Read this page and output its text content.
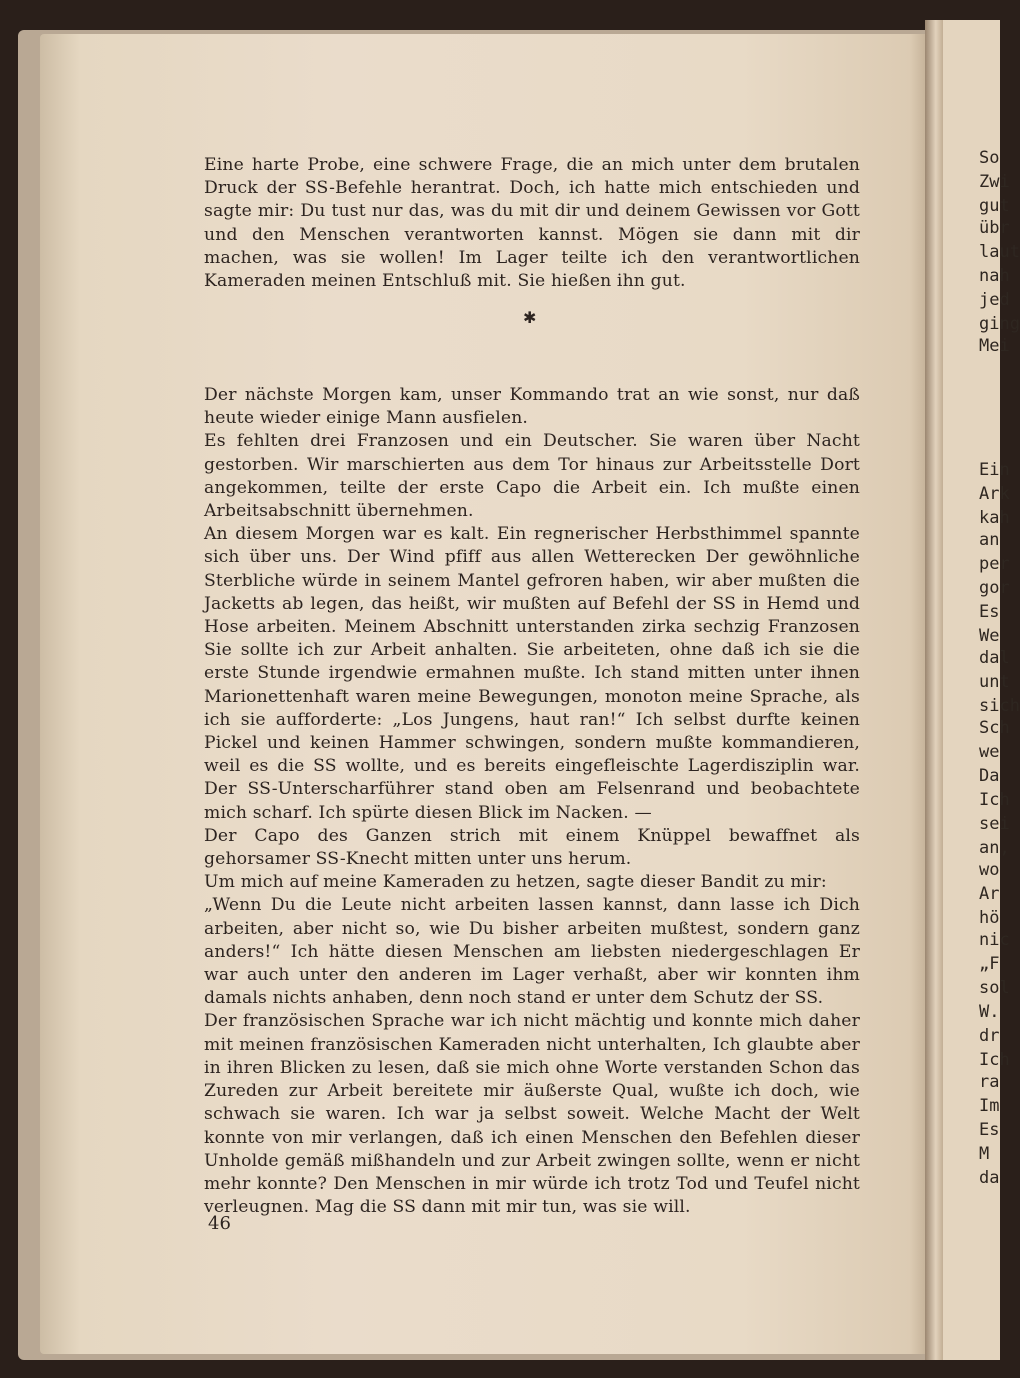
So
Zwi
gut
übr
laut
nah
jed
ging
Mei
Ein
Ark
kah
an
per
gor
Es
We
dal
unt
sich
Sch
we
Da
Ich
sei
an,
wo
Ar
hö
nic
„F
sol
W.
dr
Ich
ra
Im
Es
M
da

Eine harte Probe, eine schwere Frage, die an mich unter dem brutalen Druck der SS-Befehle herantrat. Doch, ich hatte mich entschieden und sagte mir: Du tust nur das, was du mit dir und deinem Gewissen vor Gott und den Menschen verantworten kannst. Mögen sie dann mit dir machen, was sie wollen! Im Lager teilte ich den verantwortlichen Kameraden meinen Entschluß mit. Sie hießen ihn gut.

✱

Der nächste Morgen kam, unser Kommando trat an wie sonst, nur daß heute wieder einige Mann ausfielen.

Es fehlten drei Franzosen und ein Deutscher. Sie waren über Nacht gestorben. Wir marschierten aus dem Tor hinaus zur Arbeitsstelle Dort angekommen, teilte der erste Capo die Arbeit ein. Ich mußte einen Arbeitsabschnitt übernehmen.

An diesem Morgen war es kalt. Ein regnerischer Herbsthimmel spannte sich über uns. Der Wind pfiff aus allen Wetterecken Der gewöhnliche Sterbliche würde in seinem Mantel gefroren haben, wir aber mußten die Jacketts ab legen, das heißt, wir mußten auf Befehl der SS in Hemd und Hose arbeiten. Meinem Abschnitt unterstanden zirka sechzig Franzosen Sie sollte ich zur Arbeit anhalten. Sie arbeiteten, ohne daß ich sie die erste Stunde irgendwie ermahnen mußte. Ich stand mitten unter ihnen Marionettenhaft waren meine Bewegungen, monoton meine Sprache, als ich sie aufforderte: „Los Jungens, haut ran!“ Ich selbst durfte keinen Pickel und keinen Hammer schwingen, sondern mußte kommandieren, weil es die SS wollte, und es bereits eingefleischte Lagerdisziplin war. Der SS-Unterscharführer stand oben am Felsenrand und beobachtete mich scharf. Ich spürte diesen Blick im Nacken. —

Der Capo des Ganzen strich mit einem Knüppel bewaffnet als gehorsamer SS-Knecht mitten unter uns herum.

Um mich auf meine Kameraden zu hetzen, sagte dieser Bandit zu mir:

„Wenn Du die Leute nicht arbeiten lassen kannst, dann lasse ich Dich arbeiten, aber nicht so, wie Du bisher arbeiten mußtest, sondern ganz anders!“ Ich hätte diesen Menschen am liebsten niedergeschlagen Er war auch unter den anderen im Lager verhaßt, aber wir konnten ihm damals nichts anhaben, denn noch stand er unter dem Schutz der SS.

Der französischen Sprache war ich nicht mächtig und konnte mich daher mit meinen französischen Kameraden nicht unterhalten, Ich glaubte aber in ihren Blicken zu lesen, daß sie mich ohne Worte verstanden Schon das Zureden zur Arbeit bereitete mir äußerste Qual, wußte ich doch, wie schwach sie waren. Ich war ja selbst soweit. Welche Macht der Welt konnte von mir verlangen, daß ich einen Menschen den Befehlen dieser Unholde gemäß mißhandeln und zur Arbeit zwingen sollte, wenn er nicht mehr konnte? Den Menschen in mir würde ich trotz Tod und Teufel nicht verleugnen. Mag die SS dann mit mir tun, was sie will.

46
